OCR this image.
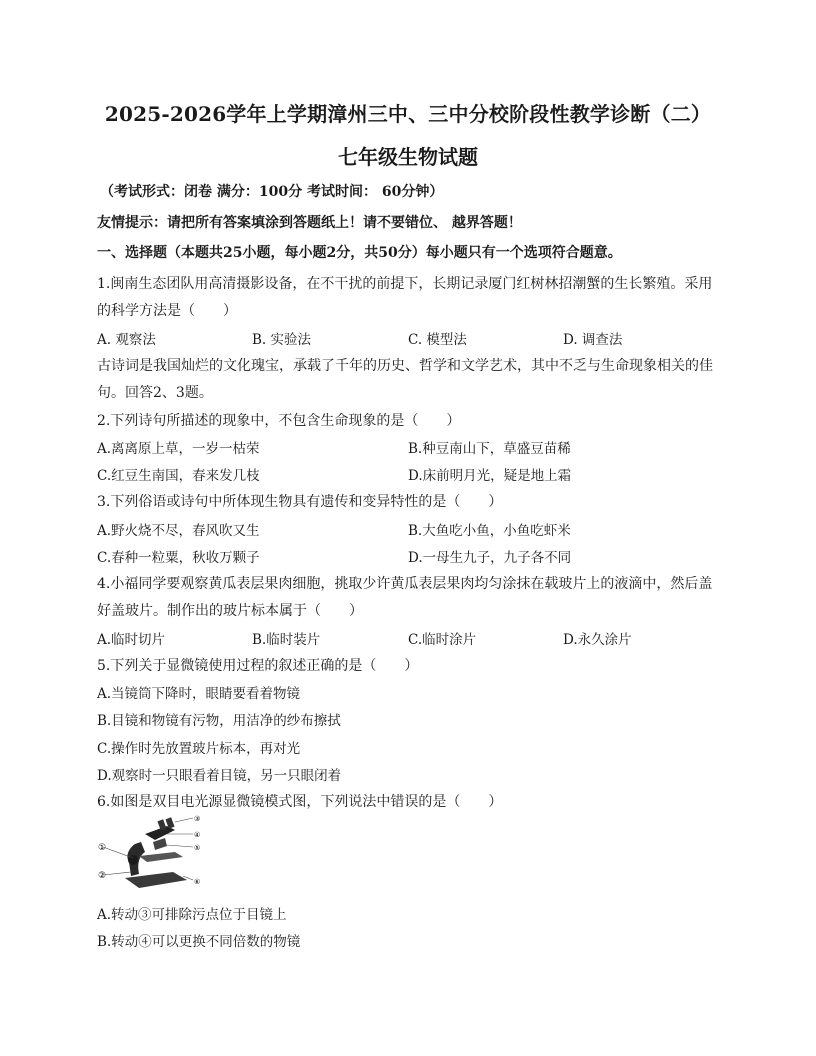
2025-2026学年上学期漳州三中、三中分校阶段性教学诊断（二）
七年级生物试题
（考试形式：闭卷 满分：100分 考试时间： 60分钟）
友情提示：请把所有答案填涂到答题纸上！请不要错位、 越界答题！
一、选择题（本题共25小题，每小题2分，共50分）每小题只有一个选项符合题意。
1.闽南生态团队用高清摄影设备，在不干扰的前提下，长期记录厦门红树林招潮蟹的生长繁殖。采用
的科学方法是（　　）
A. 观察法	B. 实验法	C. 模型法	D. 调查法
古诗词是我国灿烂的文化瑰宝，承载了千年的历史、哲学和文学艺术，其中不乏与生命现象相关的佳
句。回答2、3题。
2.下列诗句所描述的现象中，不包含生命现象的是（　　）
A.离离原上草，一岁一枯荣	B.种豆南山下，草盛豆苗稀
C.红豆生南国，春来发几枝	D.床前明月光，疑是地上霜
3.下列俗语或诗句中所体现生物具有遗传和变异特性的是（　　）
A.野火烧不尽，春风吹又生	B.大鱼吃小鱼，小鱼吃虾米
C.春种一粒粟，秋收万颗子	D.一母生九子，九子各不同
4.小福同学要观察黄瓜表层果肉细胞，挑取少许黄瓜表层果肉均匀涂抹在载玻片上的液滴中，然后盖
好盖玻片。制作出的玻片标本属于（　　）
A.临时切片	B.临时装片	C.临时涂片	D.永久涂片
5.下列关于显微镜使用过程的叙述正确的是（　　）
A.当镜筒下降时，眼睛要看着物镜
B.目镜和物镜有污物，用洁净的纱布擦拭
C.操作时先放置玻片标本，再对光
D.观察时一只眼看着目镜，另一只眼闭着
6.如图是双目电光源显微镜模式图，下列说法中错误的是（　　）
①
②
③
④
⑤
⑥
A.转动③可排除污点位于目镜上
B.转动④可以更换不同倍数的物镜
